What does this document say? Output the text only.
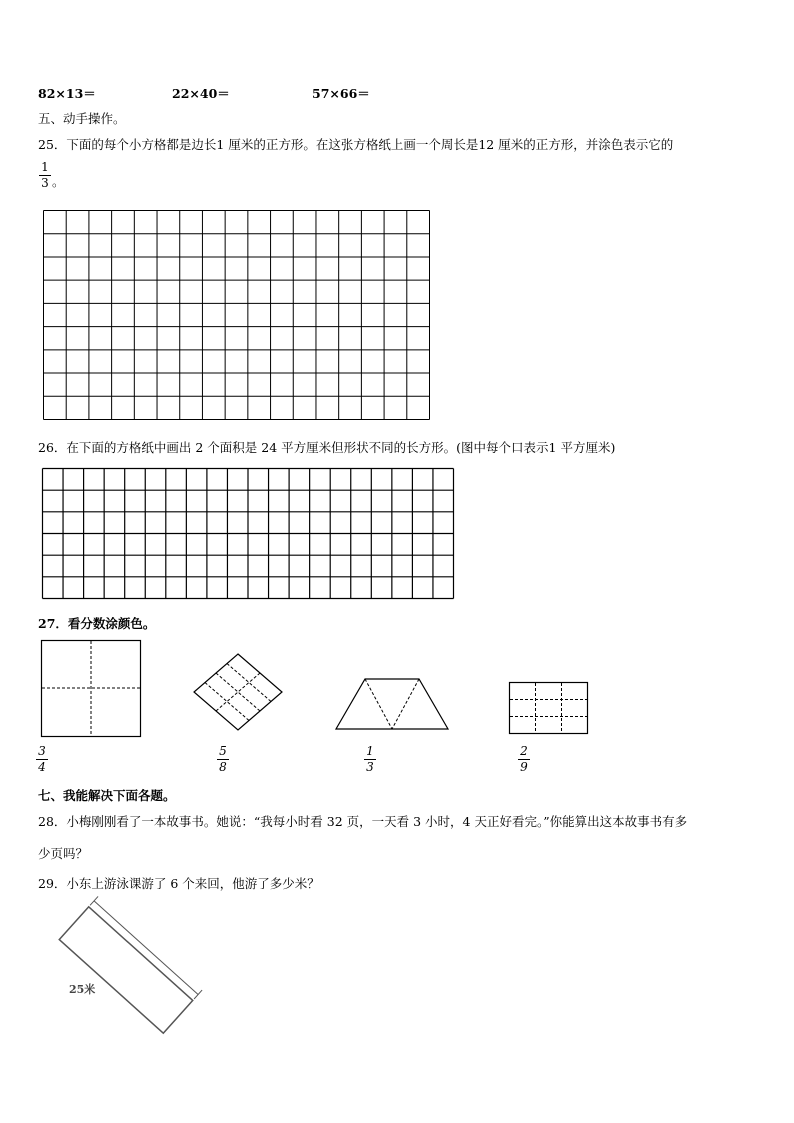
82×13＝	22×40＝	57×66＝
五、动手操作。
25．下面的每个小方格都是边长1 厘米的正方形。在这张方格纸上画一个周长是12 厘米的正方形，并涂色表示它的
1
3 。
26．在下面的方格纸中画出 2 个面积是 24 平方厘米但形状不同的长方形。(图中每个口表示1 平方厘米)
27．看分数涂颜色。
3
4
5
8
1
3
2
9
七、我能解决下面各题。
28．小梅刚刚看了一本故事书。她说：“我每小时看 32 页，一天看 3 小时，4 天正好看完。”你能算出这本故事书有多
少页吗？
29．小东上游泳课游了 6 个来回，他游了多少米？
25米
